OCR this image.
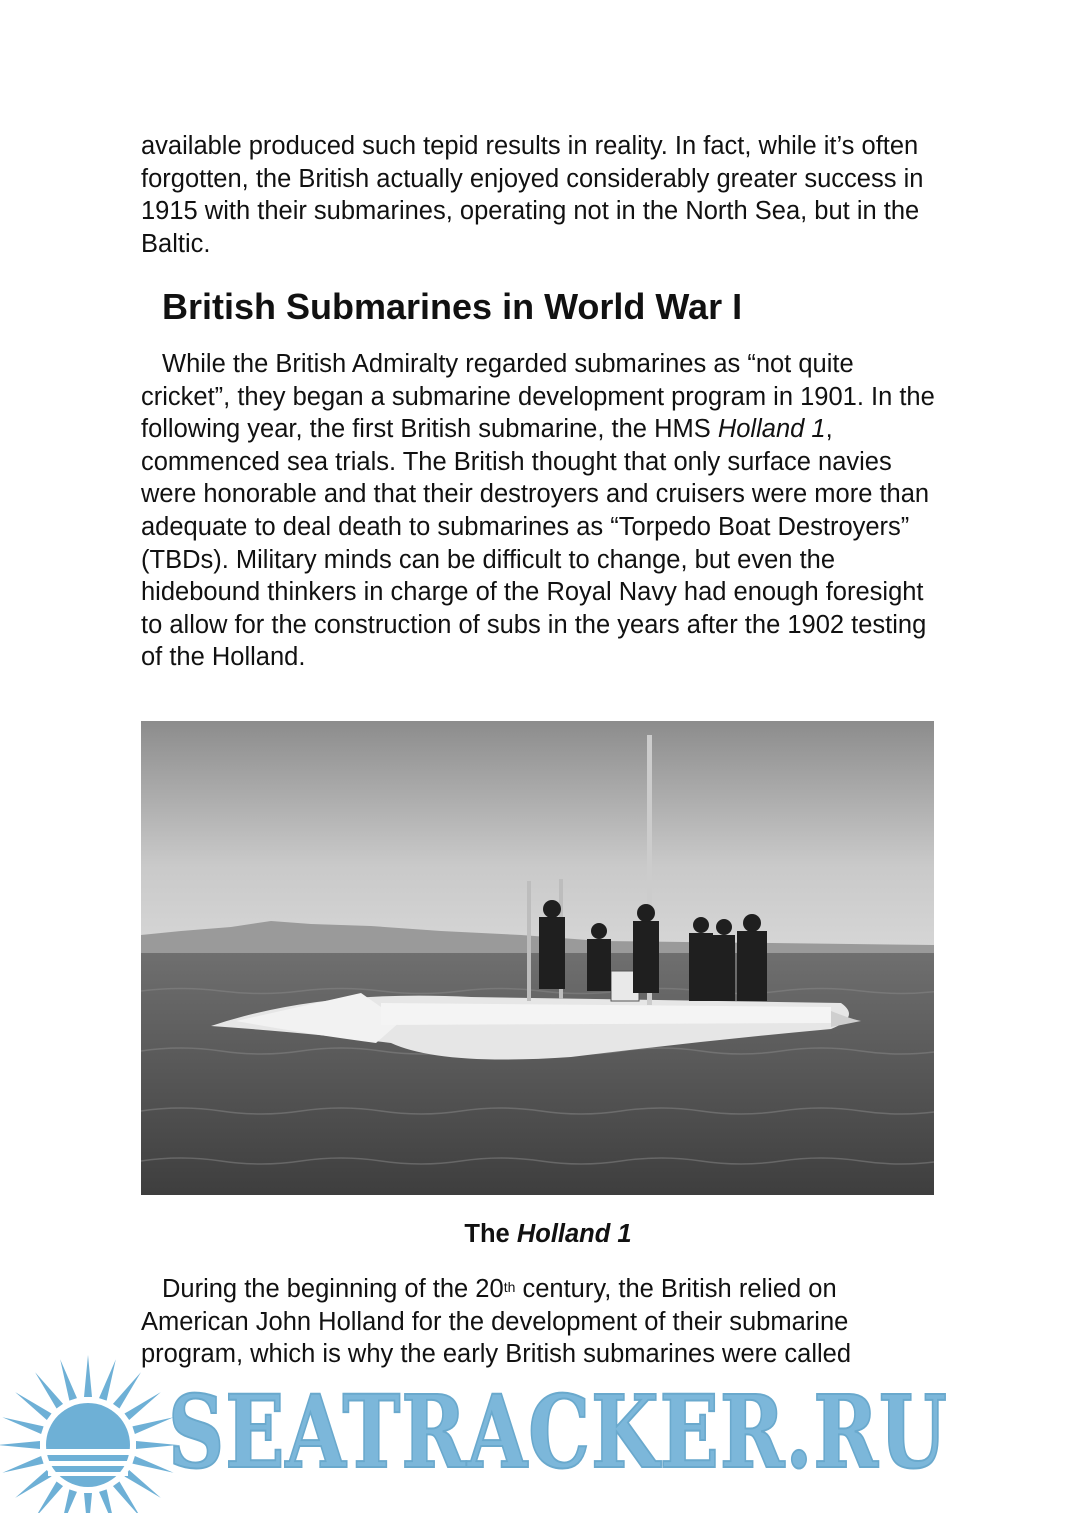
available produced such tepid results in reality. In fact, while it’s often forgotten, the British actually enjoyed considerably greater success in 1915 with their submarines, operating not in the North Sea, but in the Baltic.

British Submarines in World War I

While the British Admiralty regarded submarines as “not quite cricket”, they began a submarine development program in 1901. In the following year, the first British submarine, the HMS Holland 1, commenced sea trials. The British thought that only surface navies were honorable and that their destroyers and cruisers were more than adequate to deal death to submarines as “Torpedo Boat Destroyers” (TBDs). Military minds can be difficult to change, but even the hidebound thinkers in charge of the Royal Navy had enough foresight to allow for the construction of subs in the years after the 1902 testing of the Holland.

The Holland 1

During the beginning of the 20th century, the British relied on American John Holland for the development of their submarine program, which is why the early British submarines were called

SEATRACKER.RU
